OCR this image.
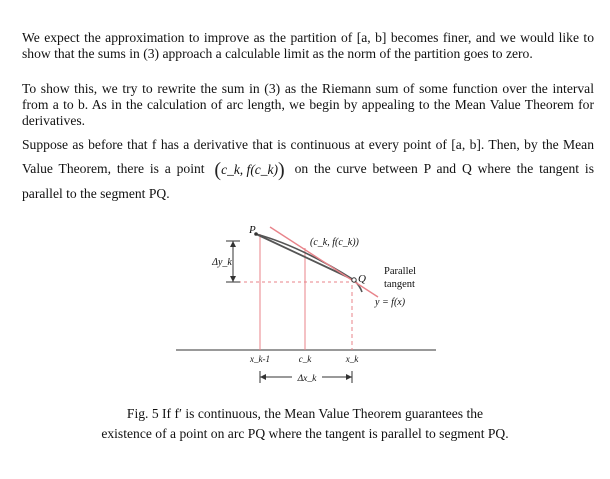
We expect the approximation to improve as the partition of [a, b] becomes finer, and we would like to show that the sums in (3) approach a calculable limit as the norm of the partition goes to zero.

To show this, we try to rewrite the sum in (3) as the Riemann sum of some function over the interval from a to b. As in the calculation of arc length, we begin by appealing to the Mean Value Theorem for derivatives.

Suppose as before that f has a derivative that is continuous at every point of [a, b]. Then, by the Mean Value Theorem, there is a point (c_k, f(c_k)) on the curve between P and Q where the tangent is parallel to the segment PQ.

P
Q
(c_k, f(c_k))
Δy_k
Parallel
tangent
y = f(x)
x_k-1	c_k	x_k
Δx_k
Fig. 5 If f′ is continuous, the Mean Value Theorem guarantees the
existence of a point on arc PQ where the tangent is parallel to segment PQ.
